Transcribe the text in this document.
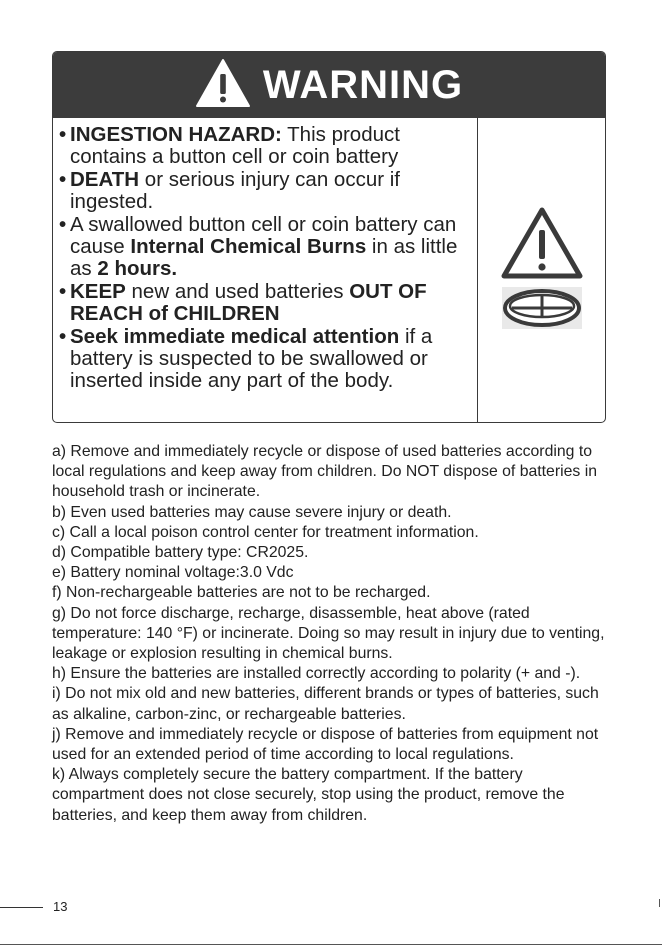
WARNING
• INGESTION HAZARD: This product contains a button cell or coin battery
• DEATH or serious injury can occur if ingested.
• A swallowed button cell or coin battery can cause Internal Chemical Burns in as little as 2 hours.
• KEEP new and used batteries OUT OF REACH of CHILDREN
• Seek immediate medical attention if a battery is suspected to be swallowed or inserted inside any part of the body.

a) Remove and immediately recycle or dispose of used batteries according to local regulations and keep away from children. Do NOT dispose of batteries in household trash or incinerate.

b) Even used batteries may cause severe injury or death.

c) Call a local poison control center for treatment information.

d) Compatible battery type: CR2025.

e) Battery nominal voltage:3.0 Vdc

f) Non-rechargeable batteries are not to be recharged.

g) Do not force discharge, recharge, disassemble, heat above (rated temperature: 140 °F) or incinerate. Doing so may result in injury due to venting, leakage or explosion resulting in chemical burns.

h) Ensure the batteries are installed correctly according to polarity (+ and -).

i) Do not mix old and new batteries, different brands or types of batteries, such as alkaline, carbon-zinc, or rechargeable batteries.

j) Remove and immediately recycle or dispose of batteries from equipment not used for an extended period of time according to local regulations.

k) Always completely secure the battery compartment. If the battery compartment does not close securely, stop using the product, remove the batteries, and keep them away from children.

13
